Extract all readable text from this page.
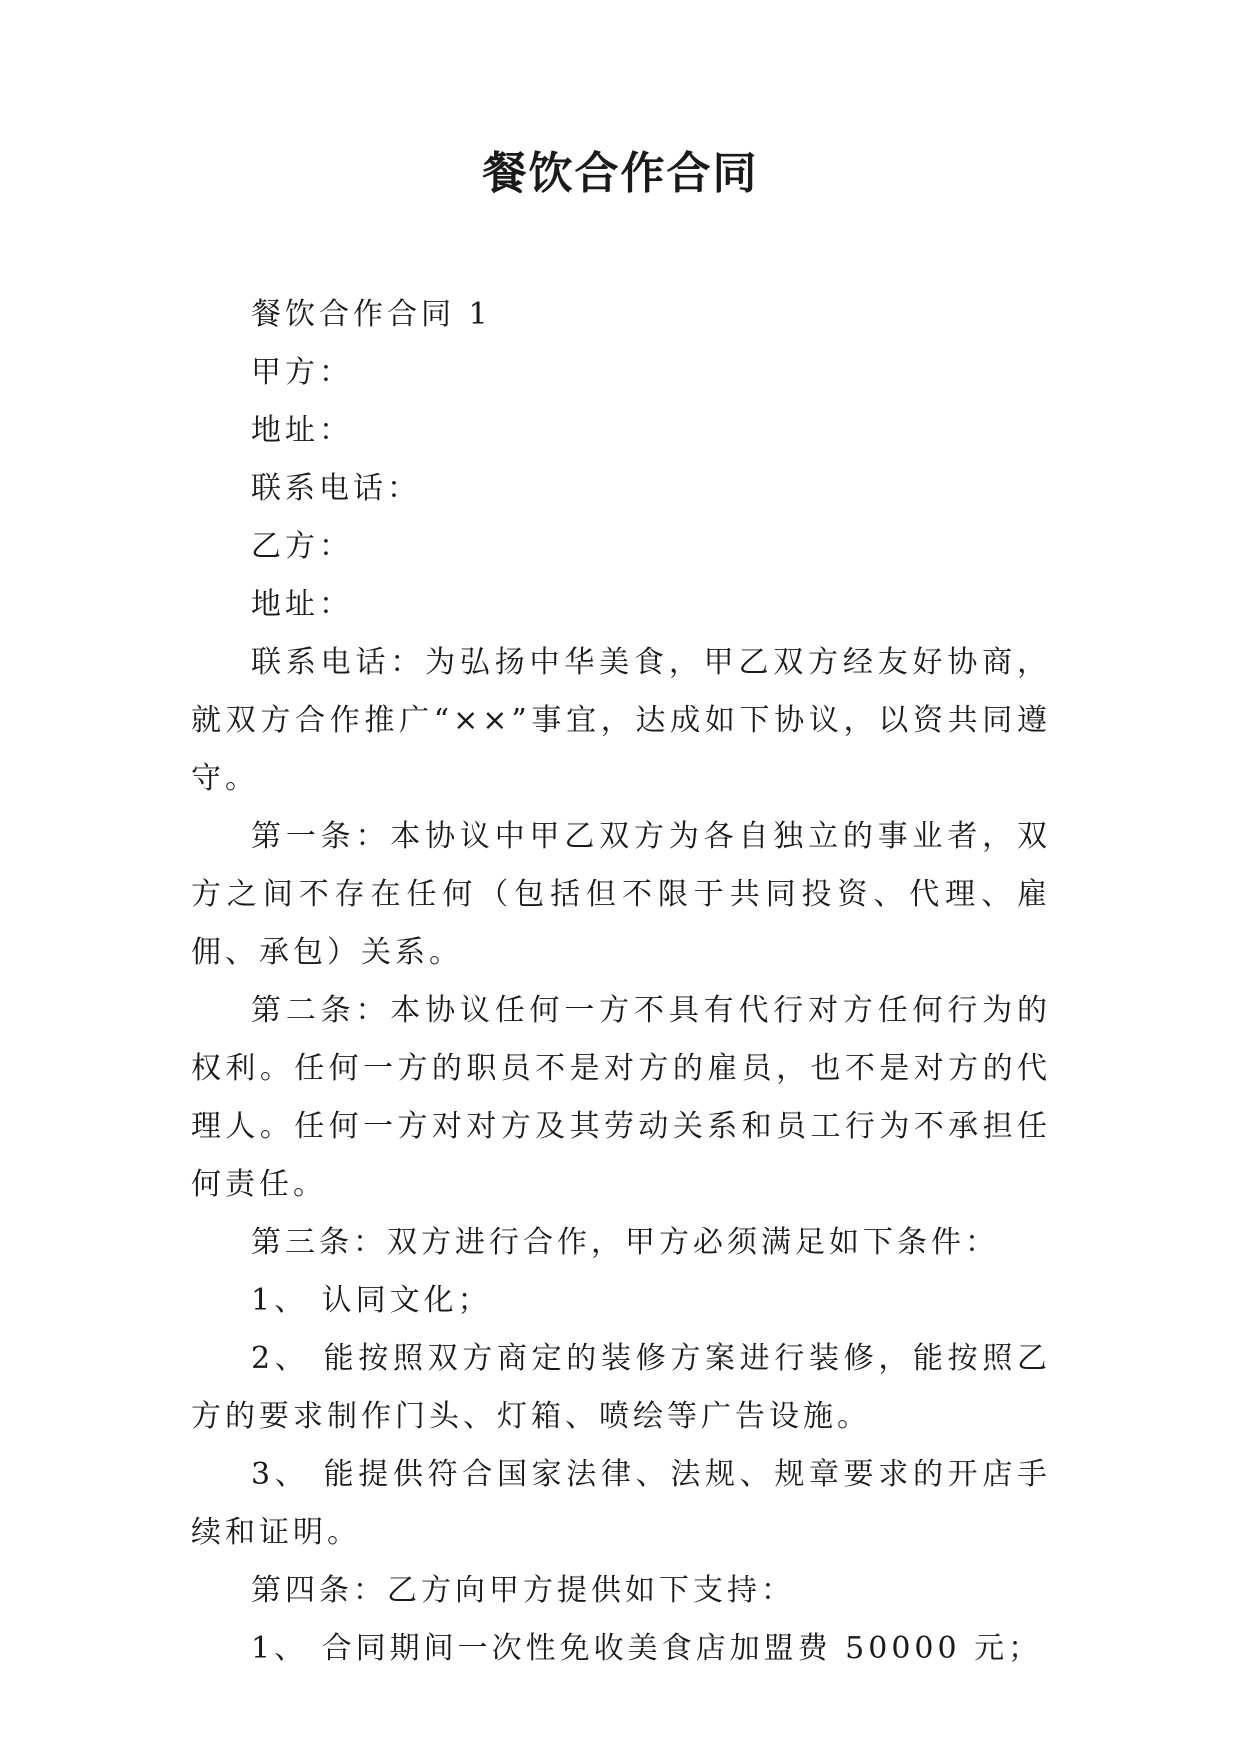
餐饮合作合同

餐饮合作合同 1

甲方：

地址：

联系电话：

乙方：

地址：

联系电话：为弘扬中华美食，甲乙双方经友好协商，就双方合作推广“××”事宜，达成如下协议，以资共同遵守。

第一条：本协议中甲乙双方为各自独立的事业者，双方之间不存在任何（包括但不限于共同投资、代理、雇佣、承包）关系。

第二条：本协议任何一方不具有代行对方任何行为的权利。任何一方的职员不是对方的雇员，也不是对方的代理人。任何一方对对方及其劳动关系和员工行为不承担任何责任。

第三条：双方进行合作，甲方必须满足如下条件：

1、 认同文化；

2、 能按照双方商定的装修方案进行装修，能按照乙方的要求制作门头、灯箱、喷绘等广告设施。

3、 能提供符合国家法律、法规、规章要求的开店手续和证明。

第四条：乙方向甲方提供如下支持：

1、 合同期间一次性免收美食店加盟费 50000 元；
